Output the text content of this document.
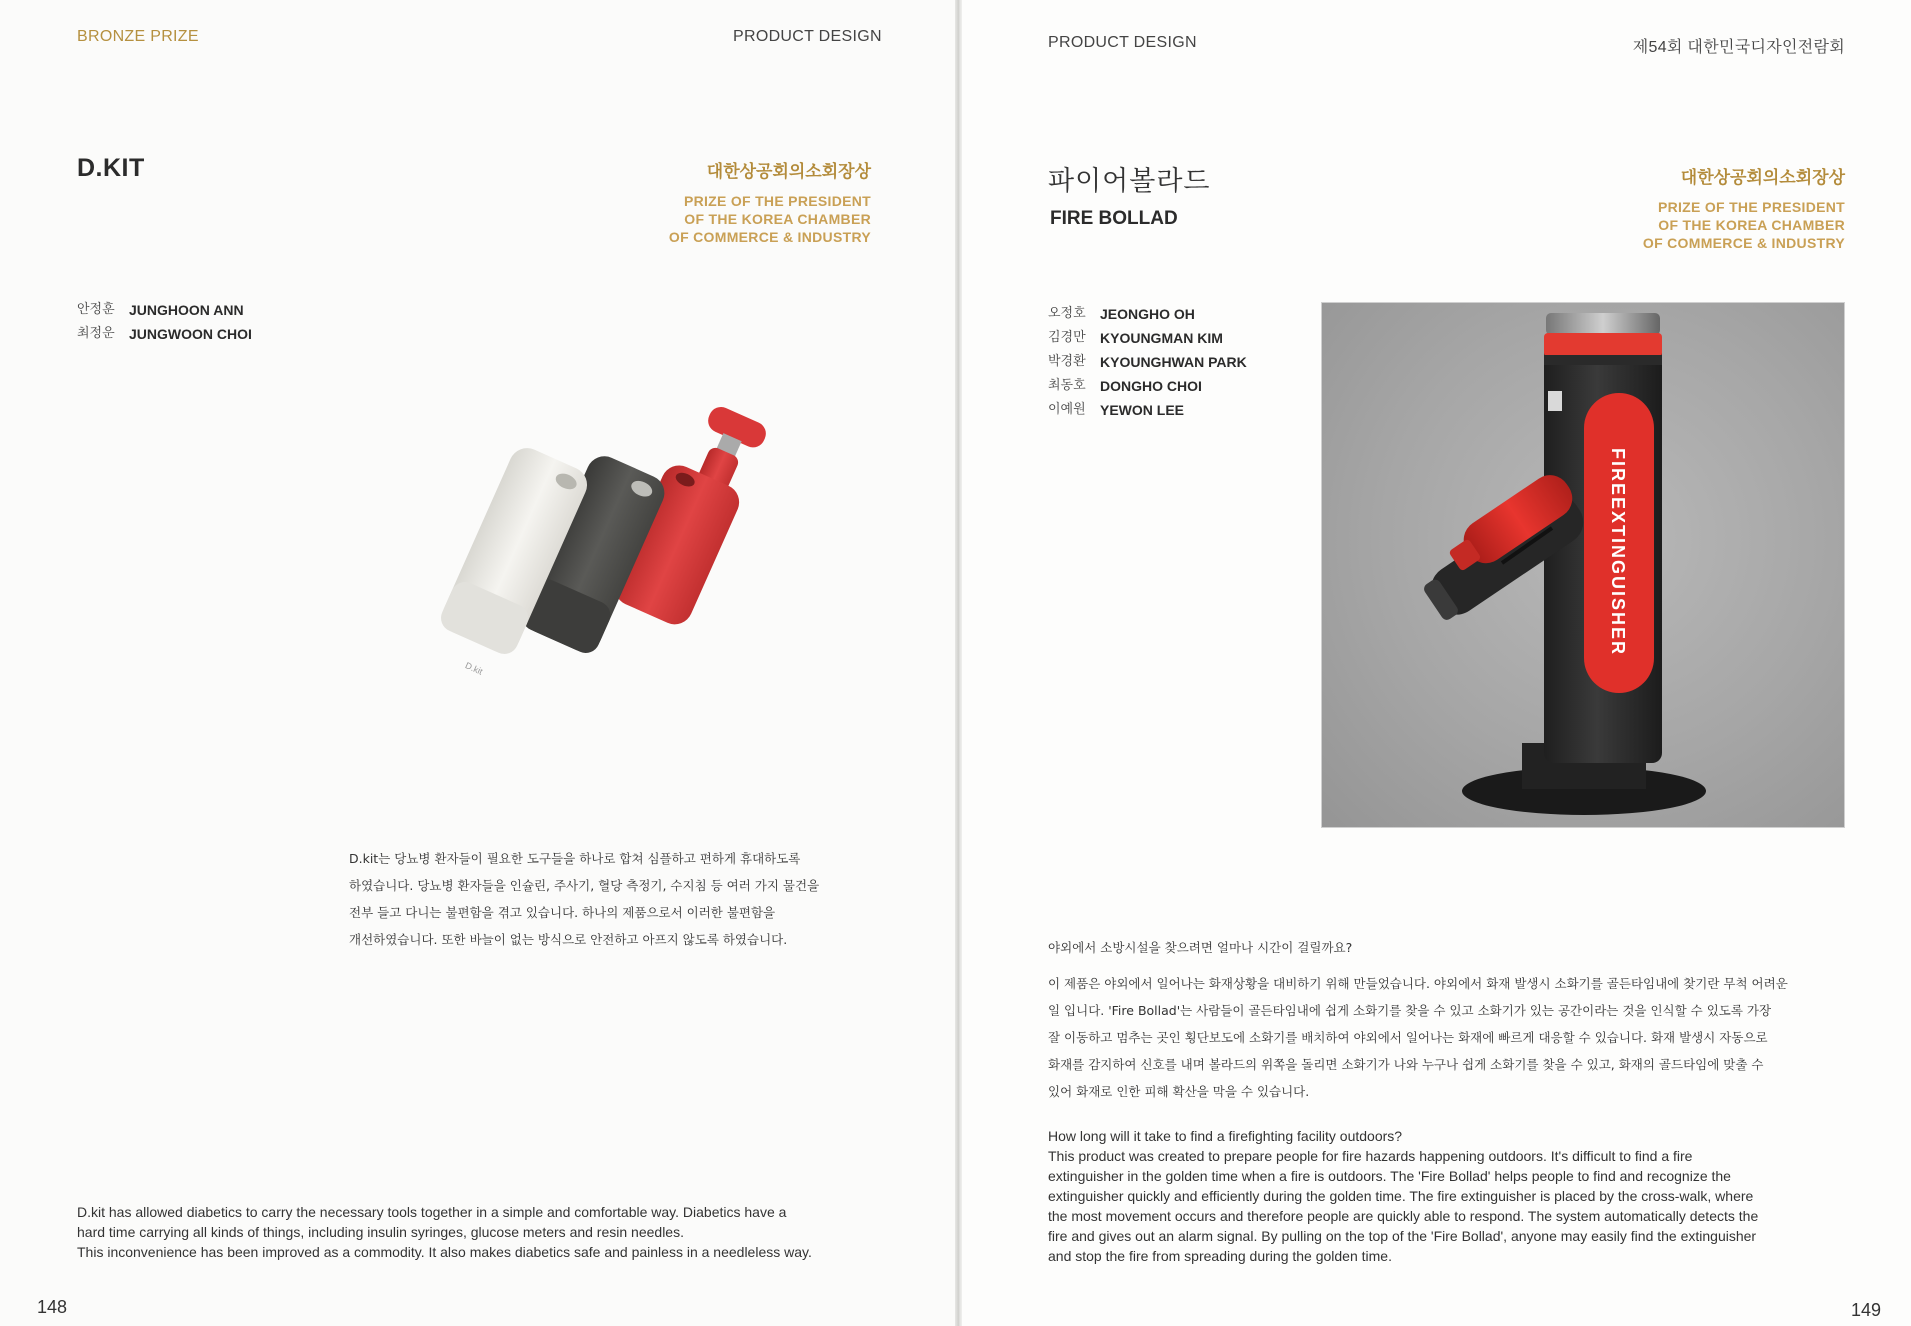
BRONZE PRIZE	PRODUCT DESIGN
D.KIT	대한상공회의소회장상
PRIZE OF THE PRESIDENT
OF THE KOREA CHAMBER
OF COMMERCE & INDUSTRY
안정훈	JUNGHOON ANN
최정운	JUNGWOON CHOI
D.kit
D.kit는 당뇨병 환자들이 필요한 도구들을 하나로 합쳐 심플하고 편하게 휴대하도록
하였습니다. 당뇨병 환자들을 인슐린, 주사기, 혈당 측정기, 수지침 등 여러 가지 물건을
전부 들고 다니는 불편함을 겪고 있습니다. 하나의 제품으로서 이러한 불편함을
개선하였습니다. 또한 바늘이 없는 방식으로 안전하고 아프지 않도록 하였습니다.
D.kit has allowed diabetics to carry the necessary tools together in a simple and comfortable way. Diabetics have a
hard time carrying all kinds of things, including insulin syringes, glucose meters and resin needles.
This inconvenience has been improved as a commodity. It also makes diabetics safe and painless in a needleless way.
148
PRODUCT DESIGN	제54회 대한민국디자인전람회
파이어볼라드
FIRE BOLLAD
대한상공회의소회장상
PRIZE OF THE PRESIDENT
OF THE KOREA CHAMBER
OF COMMERCE & INDUSTRY
오정호	JEONGHO OH
김경만	KYOUNGMAN KIM
박경환	KYOUNGHWAN PARK
최동호	DONGHO CHOI
이예원	YEWON LEE
FIREEXTINGUISHER
야외에서 소방시설을 찾으려면 얼마나 시간이 걸릴까요?
이 제품은 야외에서 일어나는 화재상황을 대비하기 위해 만들었습니다. 야외에서 화재 발생시 소화기를 골든타임내에 찾기란 무척 어려운
일 입니다. 'Fire Bollad'는 사람들이 골든타임내에 쉽게 소화기를 찾을 수 있고 소화기가 있는 공간이라는 것을 인식할 수 있도록 가장
잘 이동하고 멈추는 곳인 횡단보도에 소화기를 배치하여 야외에서 일어나는 화재에 빠르게 대응할 수 있습니다. 화재 발생시 자동으로
화재를 감지하여 신호를 내며 볼라드의 위쪽을 돌리면 소화기가 나와 누구나 쉽게 소화기를 찾을 수 있고, 화재의 골드타임에 맞출 수
있어 화재로 인한 피해 확산을 막을 수 있습니다.
How long will it take to find a firefighting facility outdoors?
This product was created to prepare people for fire hazards happening outdoors. It's difficult to find a fire
extinguisher in the golden time when a fire is outdoors. The 'Fire Bollad' helps people to find and recognize the
extinguisher quickly and efficiently during the golden time. The fire extinguisher is placed by the cross-walk, where
the most movement occurs and therefore people are quickly able to respond. The system automatically detects the
fire and gives out an alarm signal. By pulling on the top of the 'Fire Bollad', anyone may easily find the extinguisher
and stop the fire from spreading during the golden time.
149
